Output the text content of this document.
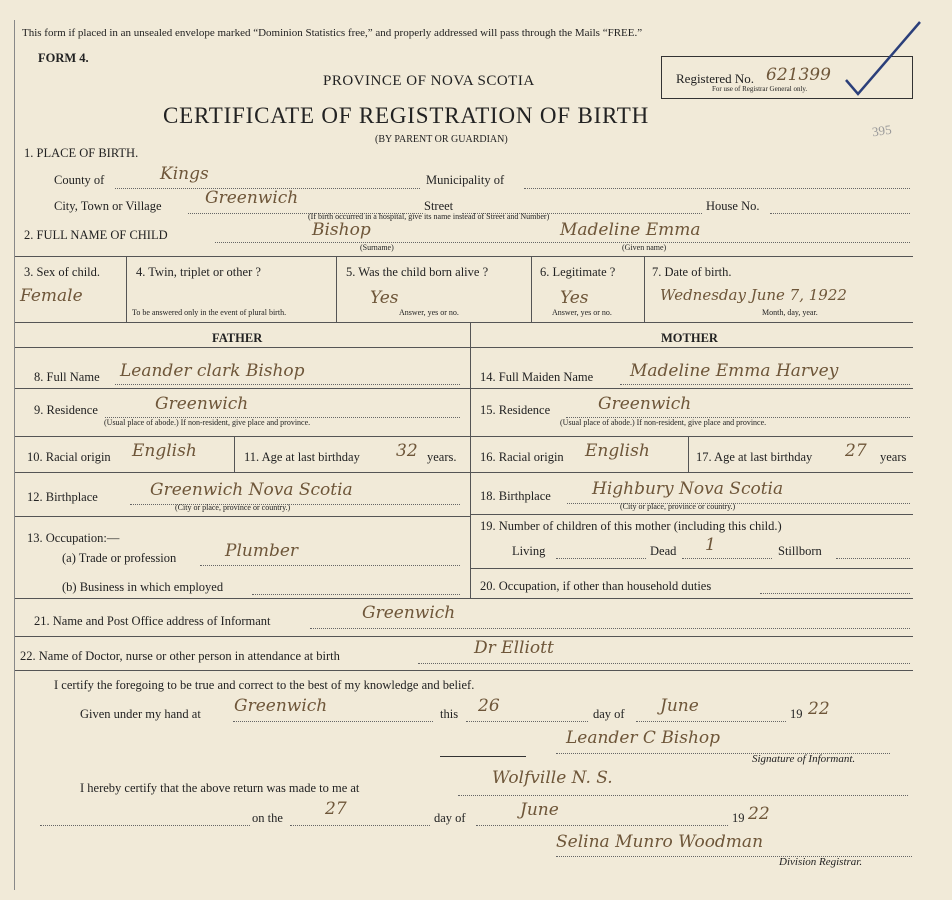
This form if placed in an unsealed envelope marked “Dominion Statistics free,” and properly addressed will pass through the Mails “FREE.”
FORM 4.
PROVINCE OF NOVA SCOTIA
CERTIFICATE OF REGISTRATION OF BIRTH
(BY PARENT OR GUARDIAN)
Registered No. 621399
For use of Registrar General only.
395
1. PLACE OF BIRTH.
County of	Kings	Municipality of
City, Town or Village	Greenwich	Street	House No.
(If birth occurred in a hospital, give its name instead of Street and Number)
2. FULL NAME OF CHILD	Bishop
(Surname)
Madeline Emma
(Given name)
3. Sex of child.
Female
4. Twin, triplet or other ?
To be answered only in the event of plural birth.
5. Was the child born alive ?
Yes
Answer, yes or no.
6. Legitimate ?
Yes
Answer, yes or no.
7. Date of birth.
Wednesday June 7, 1922
Month, day, year.
FATHER	MOTHER
8. Full Name Leander clark Bishop
9. Residence	Greenwich
(Usual place of abode.) If non-resident, give place and province.
10. Racial origin English	11. Age at last birthday 32 years.
12. Birthplace	Greenwich Nova Scotia
(City or place, province or country.)
13. Occupation:—
(a) Trade or profession	Plumber
(b) Business in which employed
14. Full Maiden Name Madeline Emma Harvey
15. Residence	Greenwich
(Usual place of abode.) If non-resident, give place and province.
16. Racial origin English	17. Age at last birthday 27 years
18. Birthplace Highbury Nova Scotia
(City or place, province or country.)
19. Number of children of this mother (including this child.)
Living	Dead 1	Stillborn
20. Occupation, if other than household duties
21. Name and Post Office address of Informant	Greenwich
22. Name of Doctor, nurse or other person in attendance at birth	Dr Elliott
I certify the foregoing to be true and correct to the best of my knowledge and belief.
Given under my hand at Greenwich	this 26	day of June	19 22
Leander C Bishop
Signature of Informant.
I hereby certify that the above return was made to me at	Wolfville N. S.
on the 27	day of	June	19 22
Selina Munro Woodman
Division Registrar.
